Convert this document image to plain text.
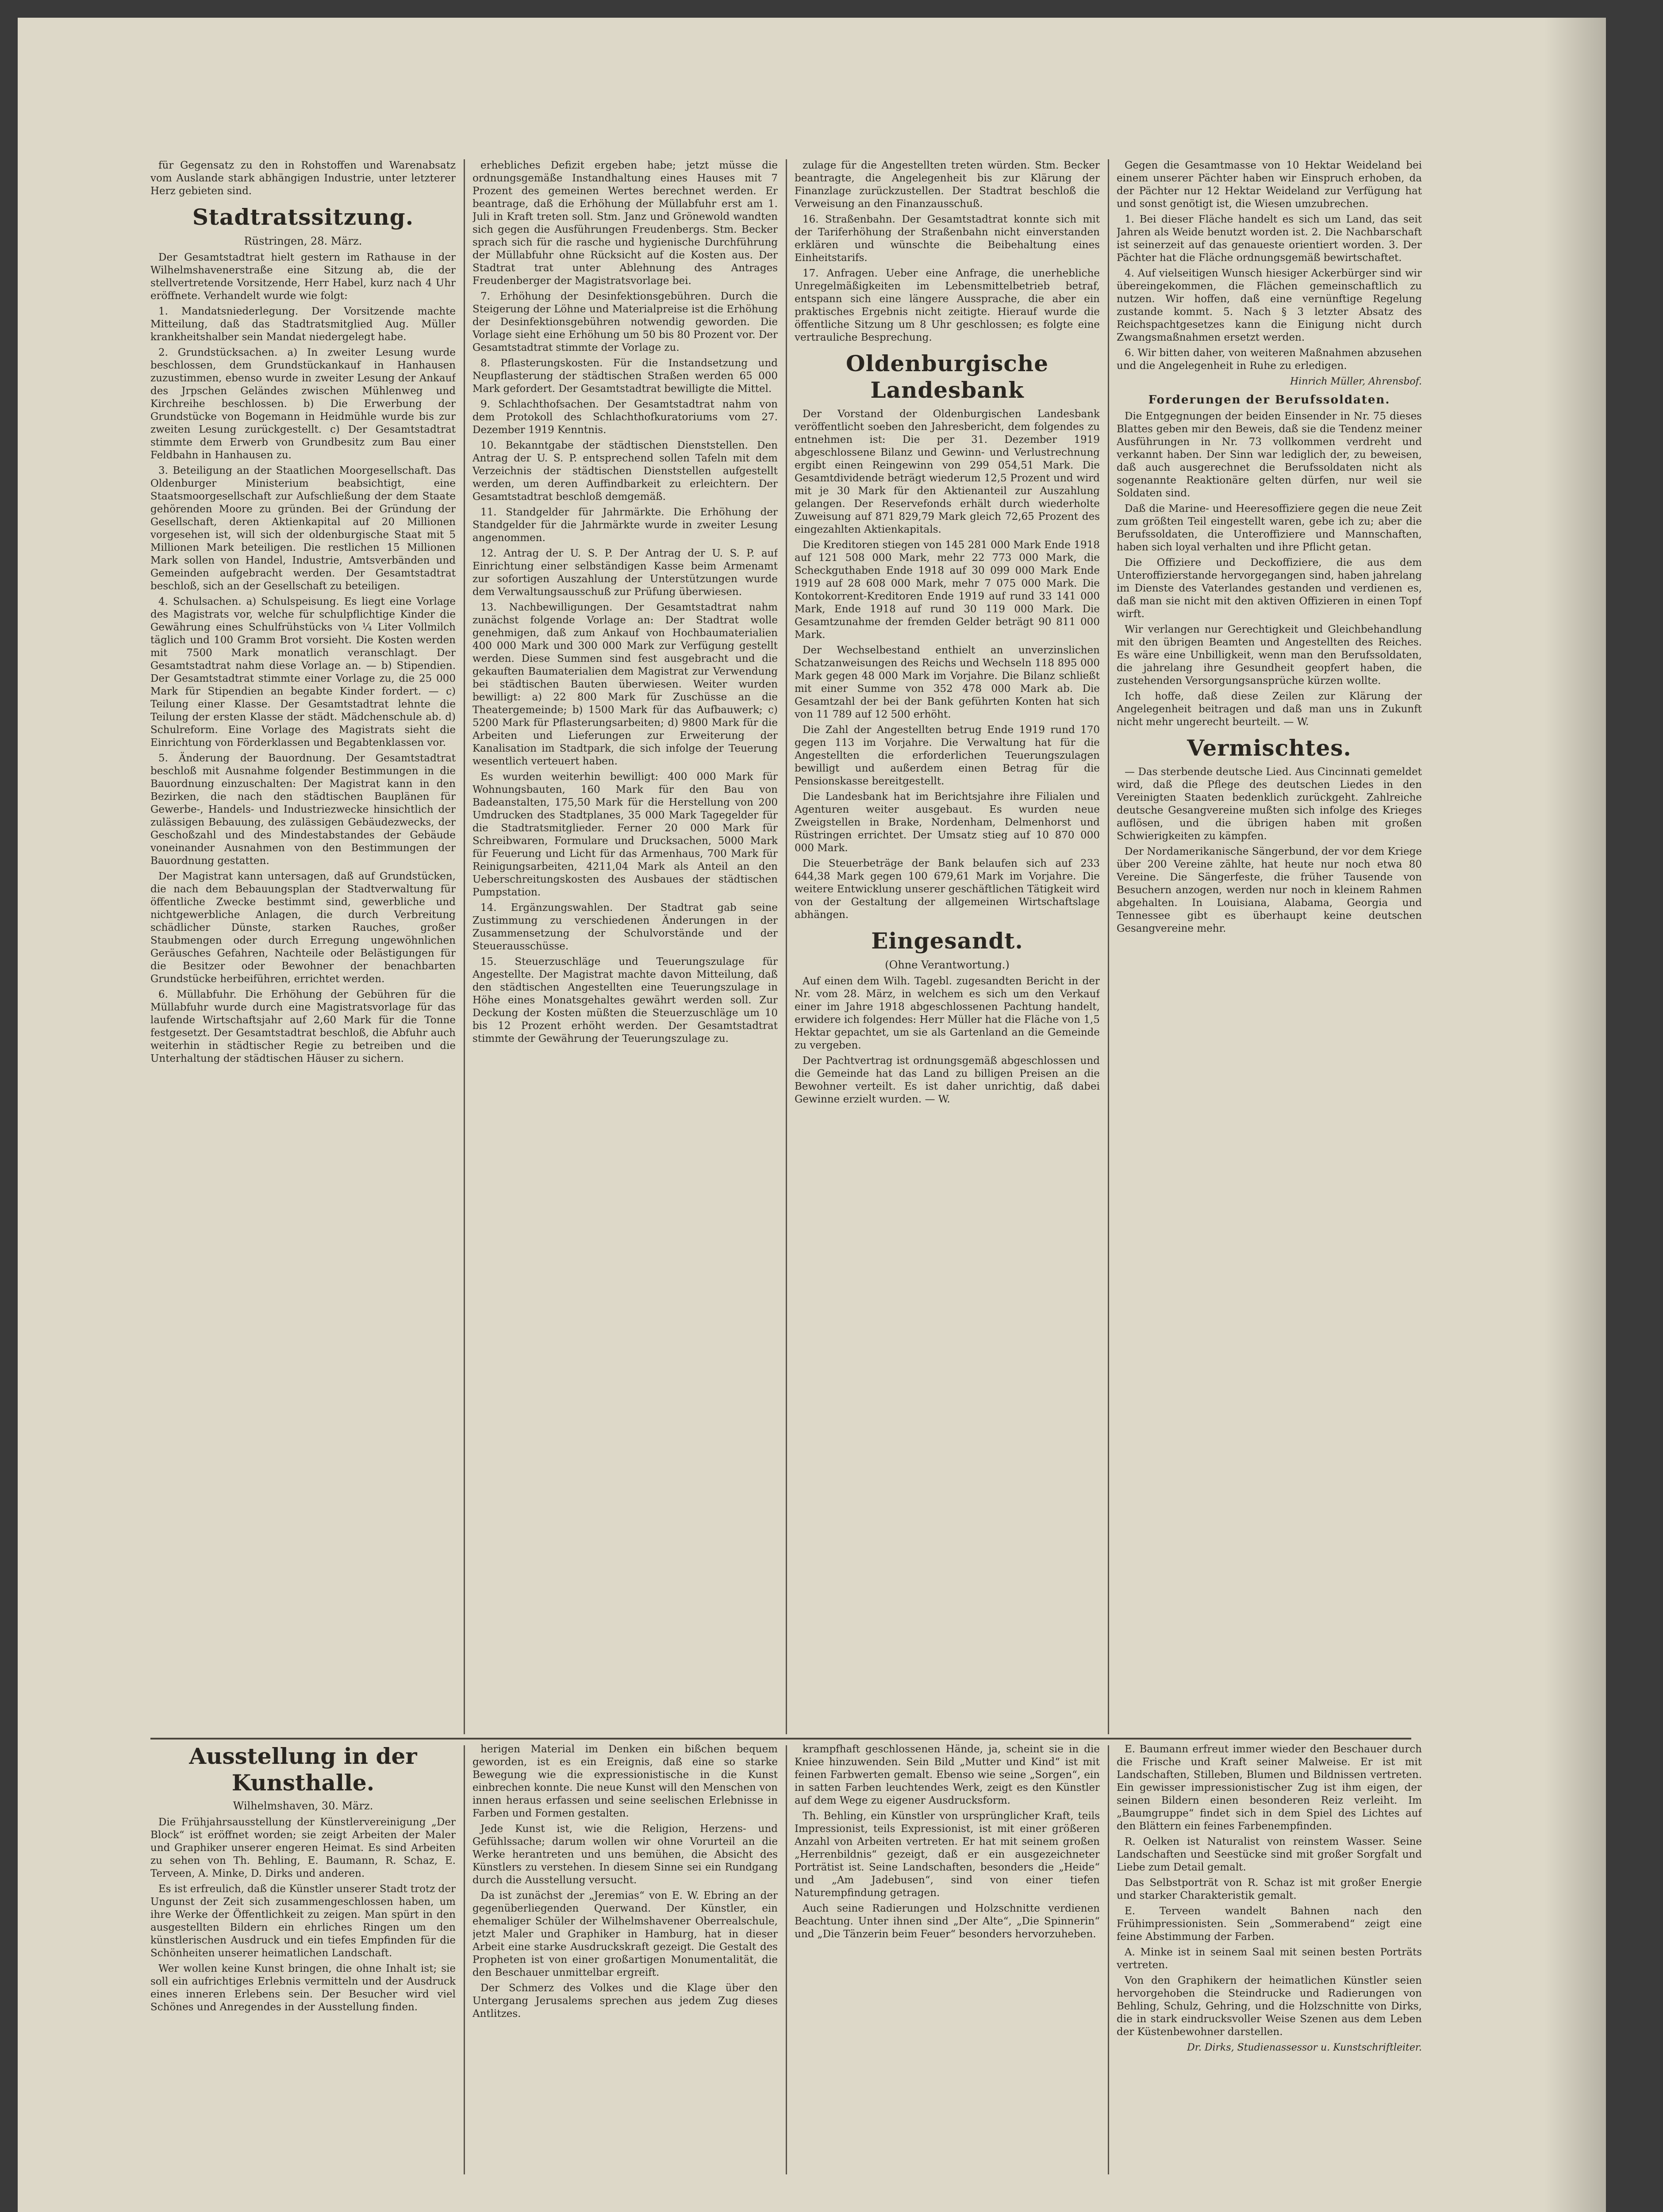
für Gegensatz zu den in Rohstoffen und Warenabsatz vom Auslande stark abhängigen Industrie, unter letzterer Herz gebieten sind.

Stadtratssitzung.
Rüstringen, 28. März.

Der Gesamtstadtrat hielt gestern im Rathause in der Wilhelmshavenerstraße eine Sitzung ab, die der stellvertretende Vorsitzende, Herr Habel, kurz nach 4 Uhr eröffnete. Verhandelt wurde wie folgt:

1. Mandatsniederlegung. Der Vorsitzende machte Mitteilung, daß das Stadtratsmitglied Aug. Müller krankheitshalber sein Mandat niedergelegt habe.

2. Grundstücksachen. a) In zweiter Lesung wurde beschlossen, dem Grundstückankauf in Hanhausen zuzustimmen, ebenso wurde in zweiter Lesung der Ankauf des Jrpschen Geländes zwischen Mühlenweg und Kirchreihe beschlossen. b) Die Erwerbung der Grundstücke von Bogemann in Heidmühle wurde bis zur zweiten Lesung zurückgestellt. c) Der Gesamtstadtrat stimmte dem Erwerb von Grundbesitz zum Bau einer Feldbahn in Hanhausen zu.

3. Beteiligung an der Staatlichen Moorgesellschaft. Das Oldenburger Ministerium beabsichtigt, eine Staatsmoorgesellschaft zur Aufschließung der dem Staate gehörenden Moore zu gründen. Bei der Gründung der Gesellschaft, deren Aktienkapital auf 20 Millionen vorgesehen ist, will sich der oldenburgische Staat mit 5 Millionen Mark beteiligen. Die restlichen 15 Millionen Mark sollen von Handel, Industrie, Amtsverbänden und Gemeinden aufgebracht werden. Der Gesamtstadtrat beschloß, sich an der Gesellschaft zu beteiligen.

4. Schulsachen. a) Schulspeisung. Es liegt eine Vorlage des Magistrats vor, welche für schulpflichtige Kinder die Gewährung eines Schulfrühstücks von ¼ Liter Vollmilch täglich und 100 Gramm Brot vorsieht. Die Kosten werden mit 7500 Mark monatlich veranschlagt. Der Gesamtstadtrat nahm diese Vorlage an. — b) Stipendien. Der Gesamtstadtrat stimmte einer Vorlage zu, die 25 000 Mark für Stipendien an begabte Kinder fordert. — c) Teilung einer Klasse. Der Gesamtstadtrat lehnte die Teilung der ersten Klasse der städt. Mädchenschule ab. d) Schulreform. Eine Vorlage des Magistrats sieht die Einrichtung von Förderklassen und Begabtenklassen vor.

5. Änderung der Bauordnung. Der Gesamtstadtrat beschloß mit Ausnahme folgender Bestimmungen in die Bauordnung einzuschalten: Der Magistrat kann in den Bezirken, die nach den städtischen Bauplänen für Gewerbe-, Handels- und Industriezwecke hinsichtlich der zulässigen Bebauung, des zulässigen Gebäudezwecks, der Geschoßzahl und des Mindestabstandes der Gebäude voneinander Ausnahmen von den Bestimmungen der Bauordnung gestatten.

Der Magistrat kann untersagen, daß auf Grundstücken, die nach dem Bebauungsplan der Stadtverwaltung für öffentliche Zwecke bestimmt sind, gewerbliche und nichtgewerbliche Anlagen, die durch Verbreitung schädlicher Dünste, starken Rauches, großer Staubmengen oder durch Erregung ungewöhnlichen Geräusches Gefahren, Nachteile oder Belästigungen für die Besitzer oder Bewohner der benachbarten Grundstücke herbeiführen, errichtet werden.

6. Müllabfuhr. Die Erhöhung der Gebühren für die Müllabfuhr wurde durch eine Magistratsvorlage für das laufende Wirtschaftsjahr auf 2,60 Mark für die Tonne festgesetzt. Der Gesamtstadtrat beschloß, die Abfuhr auch weiterhin in städtischer Regie zu betreiben und die Unterhaltung der städtischen Häuser zu sichern.

erhebliches Defizit ergeben habe; jetzt müsse die ordnungsgemäße Instandhaltung eines Hauses mit 7 Prozent des gemeinen Wertes berechnet werden. Er beantrage, daß die Erhöhung der Müllabfuhr erst am 1. Juli in Kraft treten soll. Stm. Janz und Grönewold wandten sich gegen die Ausführungen Freudenbergs. Stm. Becker sprach sich für die rasche und hygienische Durchführung der Müllabfuhr ohne Rücksicht auf die Kosten aus. Der Stadtrat trat unter Ablehnung des Antrages Freudenberger der Magistratsvorlage bei.

7. Erhöhung der Desinfektionsgebühren. Durch die Steigerung der Löhne und Materialpreise ist die Erhöhung der Desinfektionsgebühren notwendig geworden. Die Vorlage sieht eine Erhöhung um 50 bis 80 Prozent vor. Der Gesamtstadtrat stimmte der Vorlage zu.

8. Pflasterungskosten. Für die Instandsetzung und Neupflasterung der städtischen Straßen werden 65 000 Mark gefordert. Der Gesamtstadtrat bewilligte die Mittel.

9. Schlachthofsachen. Der Gesamtstadtrat nahm von dem Protokoll des Schlachthofkuratoriums vom 27. Dezember 1919 Kenntnis.

10. Bekanntgabe der städtischen Dienststellen. Den Antrag der U. S. P. entsprechend sollen Tafeln mit dem Verzeichnis der städtischen Dienststellen aufgestellt werden, um deren Auffindbarkeit zu erleichtern. Der Gesamtstadtrat beschloß demgemäß.

11. Standgelder für Jahrmärkte. Die Erhöhung der Standgelder für die Jahrmärkte wurde in zweiter Lesung angenommen.

12. Antrag der U. S. P. Der Antrag der U. S. P. auf Einrichtung einer selbständigen Kasse beim Armenamt zur sofortigen Auszahlung der Unterstützungen wurde dem Verwaltungsausschuß zur Prüfung überwiesen.

13. Nachbewilligungen. Der Gesamtstadtrat nahm zunächst folgende Vorlage an: Der Stadtrat wolle genehmigen, daß zum Ankauf von Hochbaumaterialien 400 000 Mark und 300 000 Mark zur Verfügung gestellt werden. Diese Summen sind fest ausgebracht und die gekauften Baumaterialien dem Magistrat zur Verwendung bei städtischen Bauten überwiesen. Weiter wurden bewilligt: a) 22 800 Mark für Zuschüsse an die Theatergemeinde; b) 1500 Mark für das Aufbauwerk; c) 5200 Mark für Pflasterungsarbeiten; d) 9800 Mark für die Arbeiten und Lieferungen zur Erweiterung der Kanalisation im Stadtpark, die sich infolge der Teuerung wesentlich verteuert haben.

Es wurden weiterhin bewilligt: 400 000 Mark für Wohnungsbauten, 160 Mark für den Bau von Badeanstalten, 175,50 Mark für die Herstellung von 200 Umdrucken des Stadtplanes, 35 000 Mark Tagegelder für die Stadtratsmitglieder. Ferner 20 000 Mark für Schreibwaren, Formulare und Drucksachen, 5000 Mark für Feuerung und Licht für das Armenhaus, 700 Mark für Reinigungsarbeiten, 4211,04 Mark als Anteil an den Ueberschreitungskosten des Ausbaues der städtischen Pumpstation.

14. Ergänzungswahlen. Der Stadtrat gab seine Zustimmung zu verschiedenen Änderungen in der Zusammensetzung der Schulvorstände und der Steuerausschüsse.

15. Steuerzuschläge und Teuerungszulage für Angestellte. Der Magistrat machte davon Mitteilung, daß den städtischen Angestellten eine Teuerungszulage in Höhe eines Monatsgehaltes gewährt werden soll. Zur Deckung der Kosten müßten die Steuerzuschläge um 10 bis 12 Prozent erhöht werden. Der Gesamtstadtrat stimmte der Gewährung der Teuerungszulage zu.

zulage für die Angestellten treten würden. Stm. Becker beantragte, die Angelegenheit bis zur Klärung der Finanzlage zurückzustellen. Der Stadtrat beschloß die Verweisung an den Finanzausschuß.

16. Straßenbahn. Der Gesamtstadtrat konnte sich mit der Tariferhöhung der Straßenbahn nicht einverstanden erklären und wünschte die Beibehaltung eines Einheitstarifs.

17. Anfragen. Ueber eine Anfrage, die unerhebliche Unregelmäßigkeiten im Lebensmittelbetrieb betraf, entspann sich eine längere Aussprache, die aber ein praktisches Ergebnis nicht zeitigte. Hierauf wurde die öffentliche Sitzung um 8 Uhr geschlossen; es folgte eine vertrauliche Besprechung.

Oldenburgische Landesbank

Der Vorstand der Oldenburgischen Landesbank veröffentlicht soeben den Jahresbericht, dem folgendes zu entnehmen ist: Die per 31. Dezember 1919 abgeschlossene Bilanz und Gewinn- und Verlustrechnung ergibt einen Reingewinn von 299 054,51 Mark. Die Gesamtdividende beträgt wiederum 12,5 Prozent und wird mit je 30 Mark für den Aktienanteil zur Auszahlung gelangen. Der Reservefonds erhält durch wiederholte Zuweisung auf 871 829,79 Mark gleich 72,65 Prozent des eingezahlten Aktienkapitals.

Die Kreditoren stiegen von 145 281 000 Mark Ende 1918 auf 121 508 000 Mark, mehr 22 773 000 Mark, die Scheckguthaben Ende 1918 auf 30 099 000 Mark Ende 1919 auf 28 608 000 Mark, mehr 7 075 000 Mark. Die Kontokorrent-Kreditoren Ende 1919 auf rund 33 141 000 Mark, Ende 1918 auf rund 30 119 000 Mark. Die Gesamtzunahme der fremden Gelder beträgt 90 811 000 Mark.

Der Wechselbestand enthielt an unverzinslichen Schatzanweisungen des Reichs und Wechseln 118 895 000 Mark gegen 48 000 Mark im Vorjahre. Die Bilanz schließt mit einer Summe von 352 478 000 Mark ab. Die Gesamtzahl der bei der Bank geführten Konten hat sich von 11 789 auf 12 500 erhöht.

Die Zahl der Angestellten betrug Ende 1919 rund 170 gegen 113 im Vorjahre. Die Verwaltung hat für die Angestellten die erforderlichen Teuerungszulagen bewilligt und außerdem einen Betrag für die Pensionskasse bereitgestellt.

Die Landesbank hat im Berichtsjahre ihre Filialen und Agenturen weiter ausgebaut. Es wurden neue Zweigstellen in Brake, Nordenham, Delmenhorst und Rüstringen errichtet. Der Umsatz stieg auf 10 870 000 000 Mark.

Die Steuerbeträge der Bank belaufen sich auf 233 644,38 Mark gegen 100 679,61 Mark im Vorjahre. Die weitere Entwicklung unserer geschäftlichen Tätigkeit wird von der Gestaltung der allgemeinen Wirtschaftslage abhängen.

Eingesandt.
(Ohne Verantwortung.)

Auf einen dem Wilh. Tagebl. zugesandten Bericht in der Nr. vom 28. März, in welchem es sich um den Verkauf einer im Jahre 1918 abgeschlossenen Pachtung handelt, erwidere ich folgendes: Herr Müller hat die Fläche von 1,5 Hektar gepachtet, um sie als Gartenland an die Gemeinde zu vergeben.

Der Pachtvertrag ist ordnungsgemäß abgeschlossen und die Gemeinde hat das Land zu billigen Preisen an die Bewohner verteilt. Es ist daher unrichtig, daß dabei Gewinne erzielt wurden. — W.

Gegen die Gesamtmasse von 10 Hektar Weideland bei einem unserer Pächter haben wir Einspruch erhoben, da der Pächter nur 12 Hektar Weideland zur Verfügung hat und sonst genötigt ist, die Wiesen umzubrechen.

1. Bei dieser Fläche handelt es sich um Land, das seit Jahren als Weide benutzt worden ist. 2. Die Nachbarschaft ist seinerzeit auf das genaueste orientiert worden. 3. Der Pächter hat die Fläche ordnungsgemäß bewirtschaftet.

4. Auf vielseitigen Wunsch hiesiger Ackerbürger sind wir übereingekommen, die Flächen gemeinschaftlich zu nutzen. Wir hoffen, daß eine vernünftige Regelung zustande kommt. 5. Nach § 3 letzter Absatz des Reichspachtgesetzes kann die Einigung nicht durch Zwangsmaßnahmen ersetzt werden.

6. Wir bitten daher, von weiteren Maßnahmen abzusehen und die Angelegenheit in Ruhe zu erledigen.

Hinrich Müller, Ahrensbof.
Forderungen der Berufssoldaten.

Die Entgegnungen der beiden Einsender in Nr. 75 dieses Blattes geben mir den Beweis, daß sie die Tendenz meiner Ausführungen in Nr. 73 vollkommen verdreht und verkannt haben. Der Sinn war lediglich der, zu beweisen, daß auch ausgerechnet die Berufssoldaten nicht als sogenannte Reaktionäre gelten dürfen, nur weil sie Soldaten sind.

Daß die Marine- und Heeresoffiziere gegen die neue Zeit zum größten Teil eingestellt waren, gebe ich zu; aber die Berufssoldaten, die Unteroffiziere und Mannschaften, haben sich loyal verhalten und ihre Pflicht getan.

Die Offiziere und Deckoffiziere, die aus dem Unteroffizierstande hervorgegangen sind, haben jahrelang im Dienste des Vaterlandes gestanden und verdienen es, daß man sie nicht mit den aktiven Offizieren in einen Topf wirft.

Wir verlangen nur Gerechtigkeit und Gleichbehandlung mit den übrigen Beamten und Angestellten des Reiches. Es wäre eine Unbilligkeit, wenn man den Berufssoldaten, die jahrelang ihre Gesundheit geopfert haben, die zustehenden Versorgungsansprüche kürzen wollte.

Ich hoffe, daß diese Zeilen zur Klärung der Angelegenheit beitragen und daß man uns in Zukunft nicht mehr ungerecht beurteilt. — W.

Vermischtes.

— Das sterbende deutsche Lied. Aus Cincinnati gemeldet wird, daß die Pflege des deutschen Liedes in den Vereinigten Staaten bedenklich zurückgeht. Zahlreiche deutsche Gesangvereine mußten sich infolge des Krieges auflösen, und die übrigen haben mit großen Schwierigkeiten zu kämpfen.

Der Nordamerikanische Sängerbund, der vor dem Kriege über 200 Vereine zählte, hat heute nur noch etwa 80 Vereine. Die Sängerfeste, die früher Tausende von Besuchern anzogen, werden nur noch in kleinem Rahmen abgehalten. In Louisiana, Alabama, Georgia und Tennessee gibt es überhaupt keine deutschen Gesangvereine mehr.

Ausstellung in der Kunsthalle.
Wilhelmshaven, 30. März.

Die Frühjahrsausstellung der Künstlervereinigung „Der Block“ ist eröffnet worden; sie zeigt Arbeiten der Maler und Graphiker unserer engeren Heimat. Es sind Arbeiten zu sehen von Th. Behling, E. Baumann, R. Schaz, E. Terveen, A. Minke, D. Dirks und anderen.

Es ist erfreulich, daß die Künstler unserer Stadt trotz der Ungunst der Zeit sich zusammengeschlossen haben, um ihre Werke der Öffentlichkeit zu zeigen. Man spürt in den ausgestellten Bildern ein ehrliches Ringen um den künstlerischen Ausdruck und ein tiefes Empfinden für die Schönheiten unserer heimatlichen Landschaft.

Wer wollen keine Kunst bringen, die ohne Inhalt ist; sie soll ein aufrichtiges Erlebnis vermitteln und der Ausdruck eines inneren Erlebens sein. Der Besucher wird viel Schönes und Anregendes in der Ausstellung finden.

herigen Material im Denken ein bißchen bequem geworden, ist es ein Ereignis, daß eine so starke Bewegung wie die expressionistische in die Kunst einbrechen konnte. Die neue Kunst will den Menschen von innen heraus erfassen und seine seelischen Erlebnisse in Farben und Formen gestalten.

Jede Kunst ist, wie die Religion, Herzens- und Gefühlssache; darum wollen wir ohne Vorurteil an die Werke herantreten und uns bemühen, die Absicht des Künstlers zu verstehen. In diesem Sinne sei ein Rundgang durch die Ausstellung versucht.

Da ist zunächst der „Jeremias“ von E. W. Ebring an der gegenüberliegenden Querwand. Der Künstler, ein ehemaliger Schüler der Wilhelmshavener Oberrealschule, jetzt Maler und Graphiker in Hamburg, hat in dieser Arbeit eine starke Ausdruckskraft gezeigt. Die Gestalt des Propheten ist von einer großartigen Monumentalität, die den Beschauer unmittelbar ergreift.

Der Schmerz des Volkes und die Klage über den Untergang Jerusalems sprechen aus jedem Zug dieses Antlitzes.

krampfhaft geschlossenen Hände, ja, scheint sie in die Kniee hinzuwenden. Sein Bild „Mutter und Kind“ ist mit feinen Farbwerten gemalt. Ebenso wie seine „Sorgen“, ein in satten Farben leuchtendes Werk, zeigt es den Künstler auf dem Wege zu eigener Ausdrucksform.

Th. Behling, ein Künstler von ursprünglicher Kraft, teils Impressionist, teils Expressionist, ist mit einer größeren Anzahl von Arbeiten vertreten. Er hat mit seinem großen „Herrenbildnis“ gezeigt, daß er ein ausgezeichneter Porträtist ist. Seine Landschaften, besonders die „Heide“ und „Am Jadebusen“, sind von einer tiefen Naturempfindung getragen.

Auch seine Radierungen und Holzschnitte verdienen Beachtung. Unter ihnen sind „Der Alte“, „Die Spinnerin“ und „Die Tänzerin beim Feuer“ besonders hervorzuheben.

E. Baumann erfreut immer wieder den Beschauer durch die Frische und Kraft seiner Malweise. Er ist mit Landschaften, Stilleben, Blumen und Bildnissen vertreten. Ein gewisser impressionistischer Zug ist ihm eigen, der seinen Bildern einen besonderen Reiz verleiht. Im „Baumgruppe“ findet sich in dem Spiel des Lichtes auf den Blättern ein feines Farbenempfinden.

R. Oelken ist Naturalist von reinstem Wasser. Seine Landschaften und Seestücke sind mit großer Sorgfalt und Liebe zum Detail gemalt.

Das Selbstporträt von R. Schaz ist mit großer Energie und starker Charakteristik gemalt.

E. Terveen wandelt Bahnen nach den Frühimpressionisten. Sein „Sommerabend“ zeigt eine feine Abstimmung der Farben.

A. Minke ist in seinem Saal mit seinen besten Porträts vertreten.

Von den Graphikern der heimatlichen Künstler seien hervorgehoben die Steindrucke und Radierungen von Behling, Schulz, Gehring, und die Holzschnitte von Dirks, die in stark eindrucksvoller Weise Szenen aus dem Leben der Küstenbewohner darstellen.

Dr. Dirks, Studienassessor u. Kunstschriftleiter.
